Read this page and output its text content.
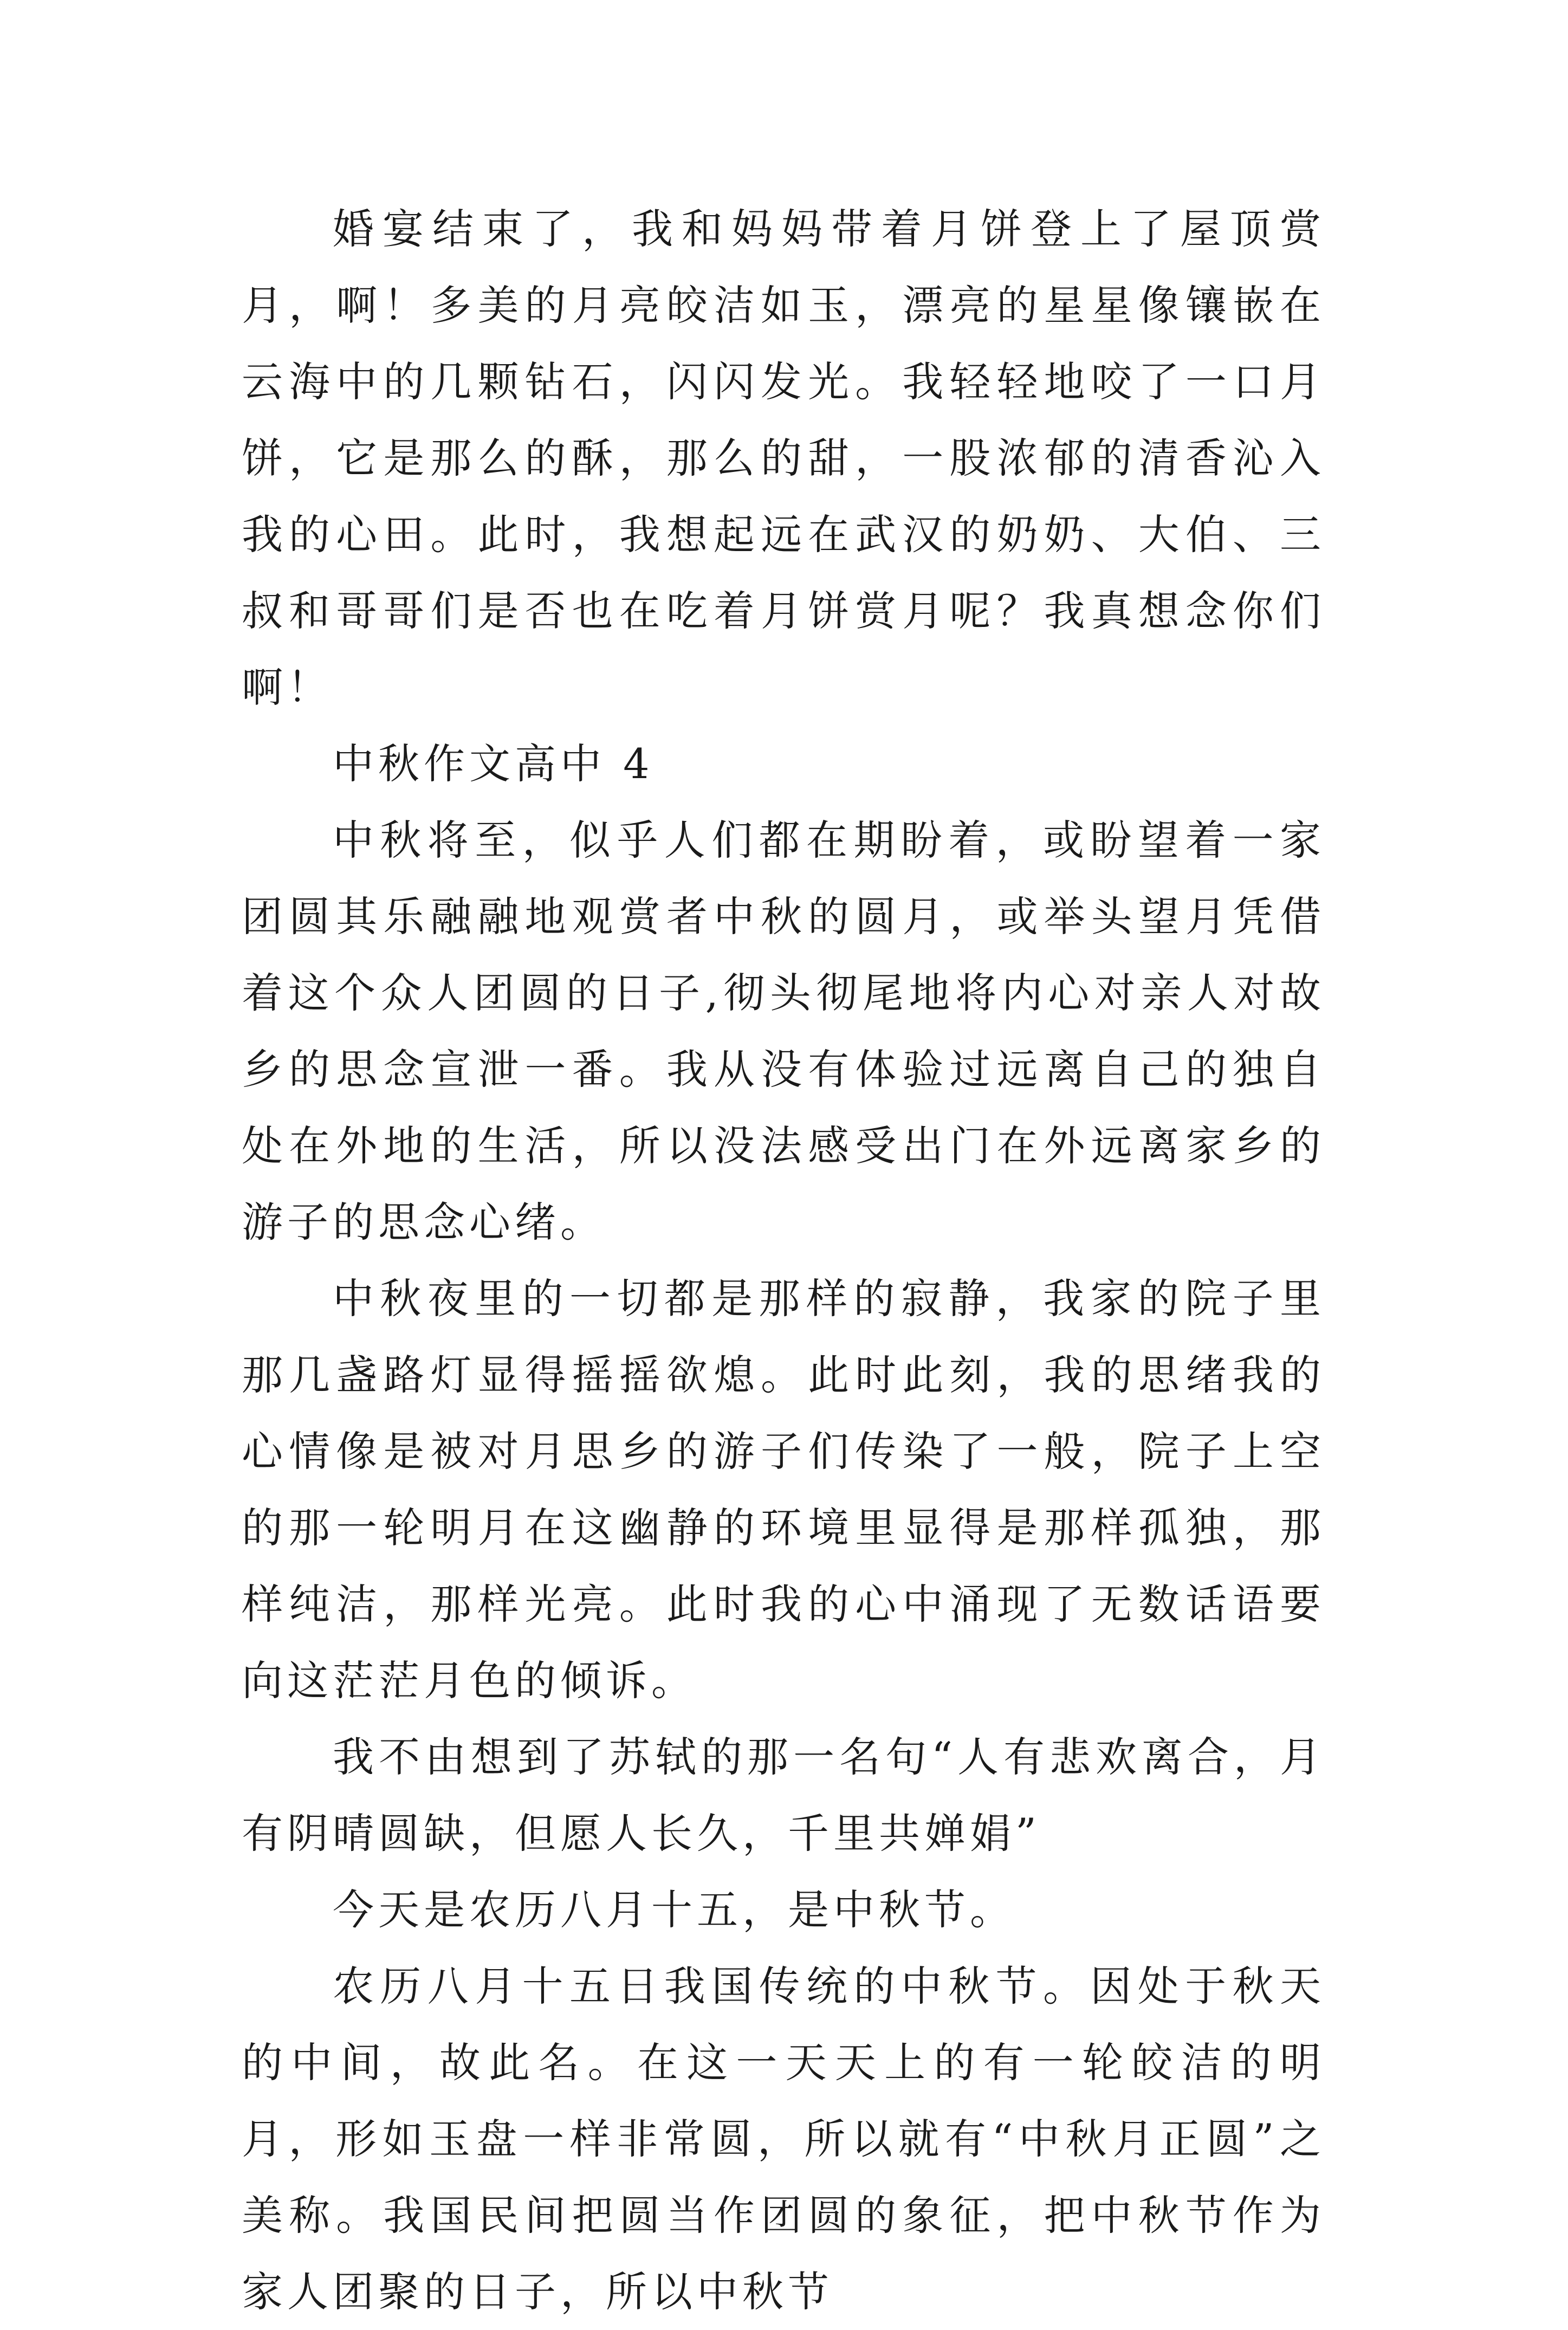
婚宴结束了，我和妈妈带着月饼登上了屋顶赏月，啊！多美的月亮皎洁如玉，漂亮的星星像镶嵌在云海中的几颗钻石，闪闪发光。我轻轻地咬了一口月饼，它是那么的酥，那么的甜，一股浓郁的清香沁入我的心田。此时，我想起远在武汉的奶奶、大伯、三叔和哥哥们是否也在吃着月饼赏月呢？我真想念你们啊！

中秋作文高中 4

中秋将至，似乎人们都在期盼着，或盼望着一家团圆其乐融融地观赏者中秋的圆月，或举头望月凭借着这个众人团圆的日子,彻头彻尾地将内心对亲人对故乡的思念宣泄一番。我从没有体验过远离自己的独自处在外地的生活，所以没法感受出门在外远离家乡的游子的思念心绪。

中秋夜里的一切都是那样的寂静，我家的院子里那几盏路灯显得摇摇欲熄。此时此刻，我的思绪我的心情像是被对月思乡的游子们传染了一般，院子上空的那一轮明月在这幽静的环境里显得是那样孤独，那样纯洁，那样光亮。此时我的心中涌现了无数话语要向这茫茫月色的倾诉。

我不由想到了苏轼的那一名句“人有悲欢离合，月有阴晴圆缺，但愿人长久，千里共婵娟”

今天是农历八月十五，是中秋节。

农历八月十五日我国传统的中秋节。因处于秋天的中间，故此名。在这一天天上的有一轮皎洁的明月，形如玉盘一样非常圆，所以就有“中秋月正圆”之美称。我国民间把圆当作团圆的象征，把中秋节作为家人团聚的日子，所以中秋节
